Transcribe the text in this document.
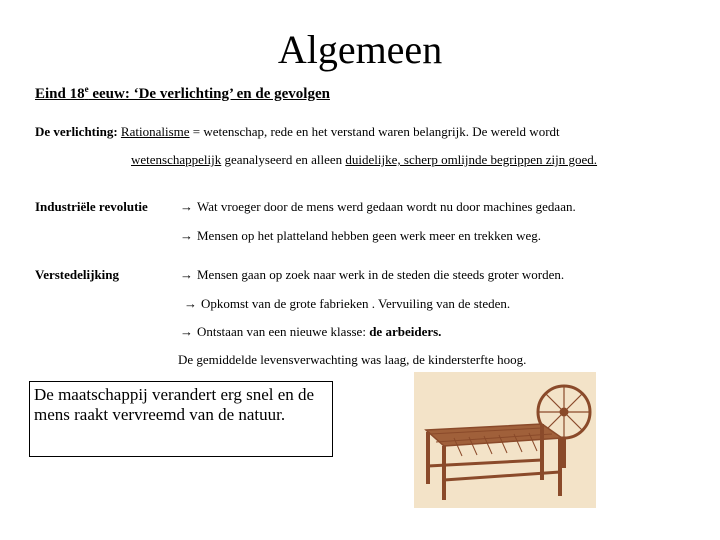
Algemeen
Eind 18e eeuw: ‘De verlichting’ en de gevolgen
De verlichting: Rationalisme = wetenschap, rede en het verstand waren belangrijk. De wereld wordt
wetenschappelijk geanalyseerd en alleen duidelijke, scherp omlijnde begrippen zijn goed.
Industriële revolutie → Wat vroeger door de mens werd gedaan wordt nu door machines gedaan.
→ Mensen op het platteland hebben geen werk meer en trekken weg.
Verstedelijking	→ Mensen gaan op zoek naar werk in de steden die steeds groter worden.
→ Opkomst van de grote fabrieken . Vervuiling van de steden.
→ Ontstaan van een nieuwe klasse: de arbeiders.
De gemiddelde levensverwachting was laag, de kindersterfte hoog.
De maatschappij verandert erg snel en de mens raakt vervreemd van de natuur.
